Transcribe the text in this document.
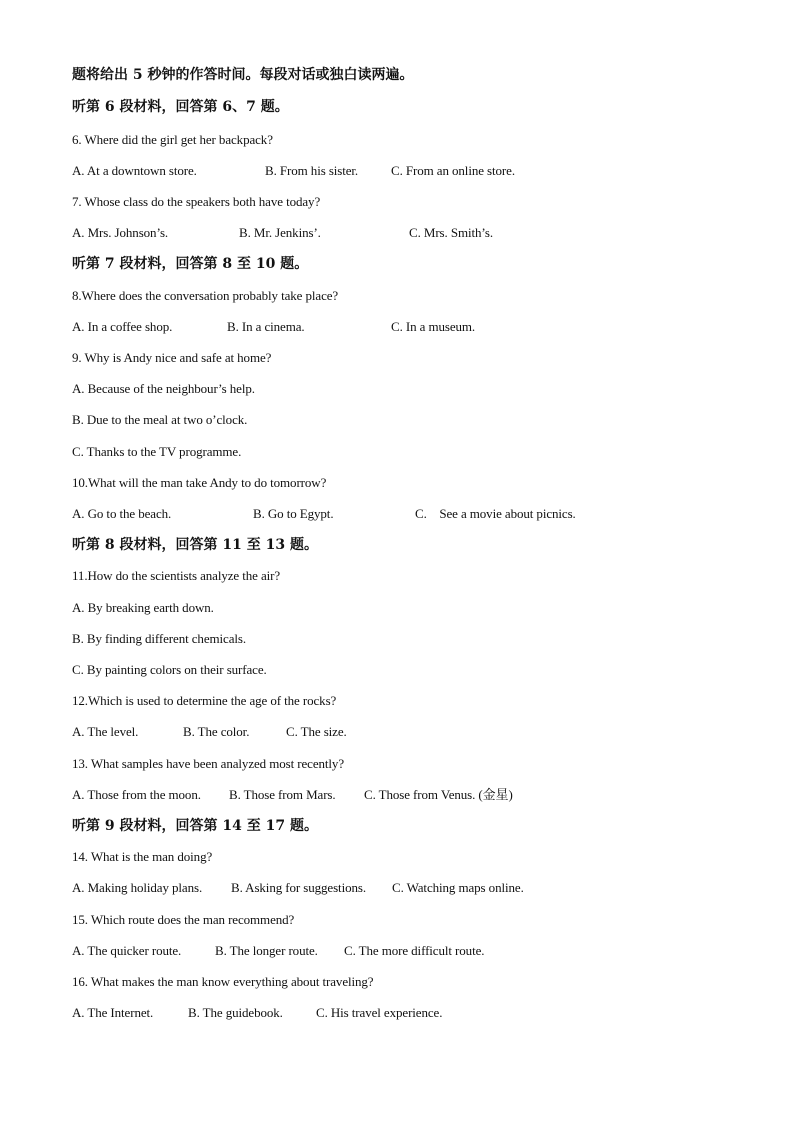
题将给出 5 秒钟的作答时间。每段对话或独白读两遍。
听第 6 段材料，回答第 6、7 题。
6. Where did the girl get her backpack?
A. At a downtown store.	B. From his sister.	C. From an online store.
7. Whose class do the speakers both have today?
A. Mrs. Johnson’s.	B. Mr. Jenkins’.	C. Mrs. Smith’s.
听第 7 段材料，回答第 8 至 10 题。
8.Where does the conversation probably take place?
A. In a coffee shop.	B. In a cinema.	C. In a museum.
9. Why is Andy nice and safe at home?
A. Because of the neighbour’s help.
B. Due to the meal at two o’clock.
C. Thanks to the TV programme.
10.What will the man take Andy to do tomorrow?
A. Go to the beach.	B. Go to Egypt.	C.    See a movie about picnics.
听第 8 段材料，回答第 11 至 13 题。
11.How do the scientists analyze the air?
A. By breaking earth down.
B. By finding different chemicals.
C. By painting colors on their surface.
12.Which is used to determine the age of the rocks?
A. The level.	B. The color.	C. The size.
13. What samples have been analyzed most recently?
A. Those from the moon. B. Those from Mars. C. Those from Venus. (金星)
听第 9 段材料，回答第 14 至 17 题。
14. What is the man doing?
A. Making holiday plans. B. Asking for suggestions. C. Watching maps online.
15. Which route does the man recommend?
A. The quicker route.	B. The longer route. C. The more difficult route.
16. What makes the man know everything about traveling?
A. The Internet.	B. The guidebook.	C. His travel experience.
